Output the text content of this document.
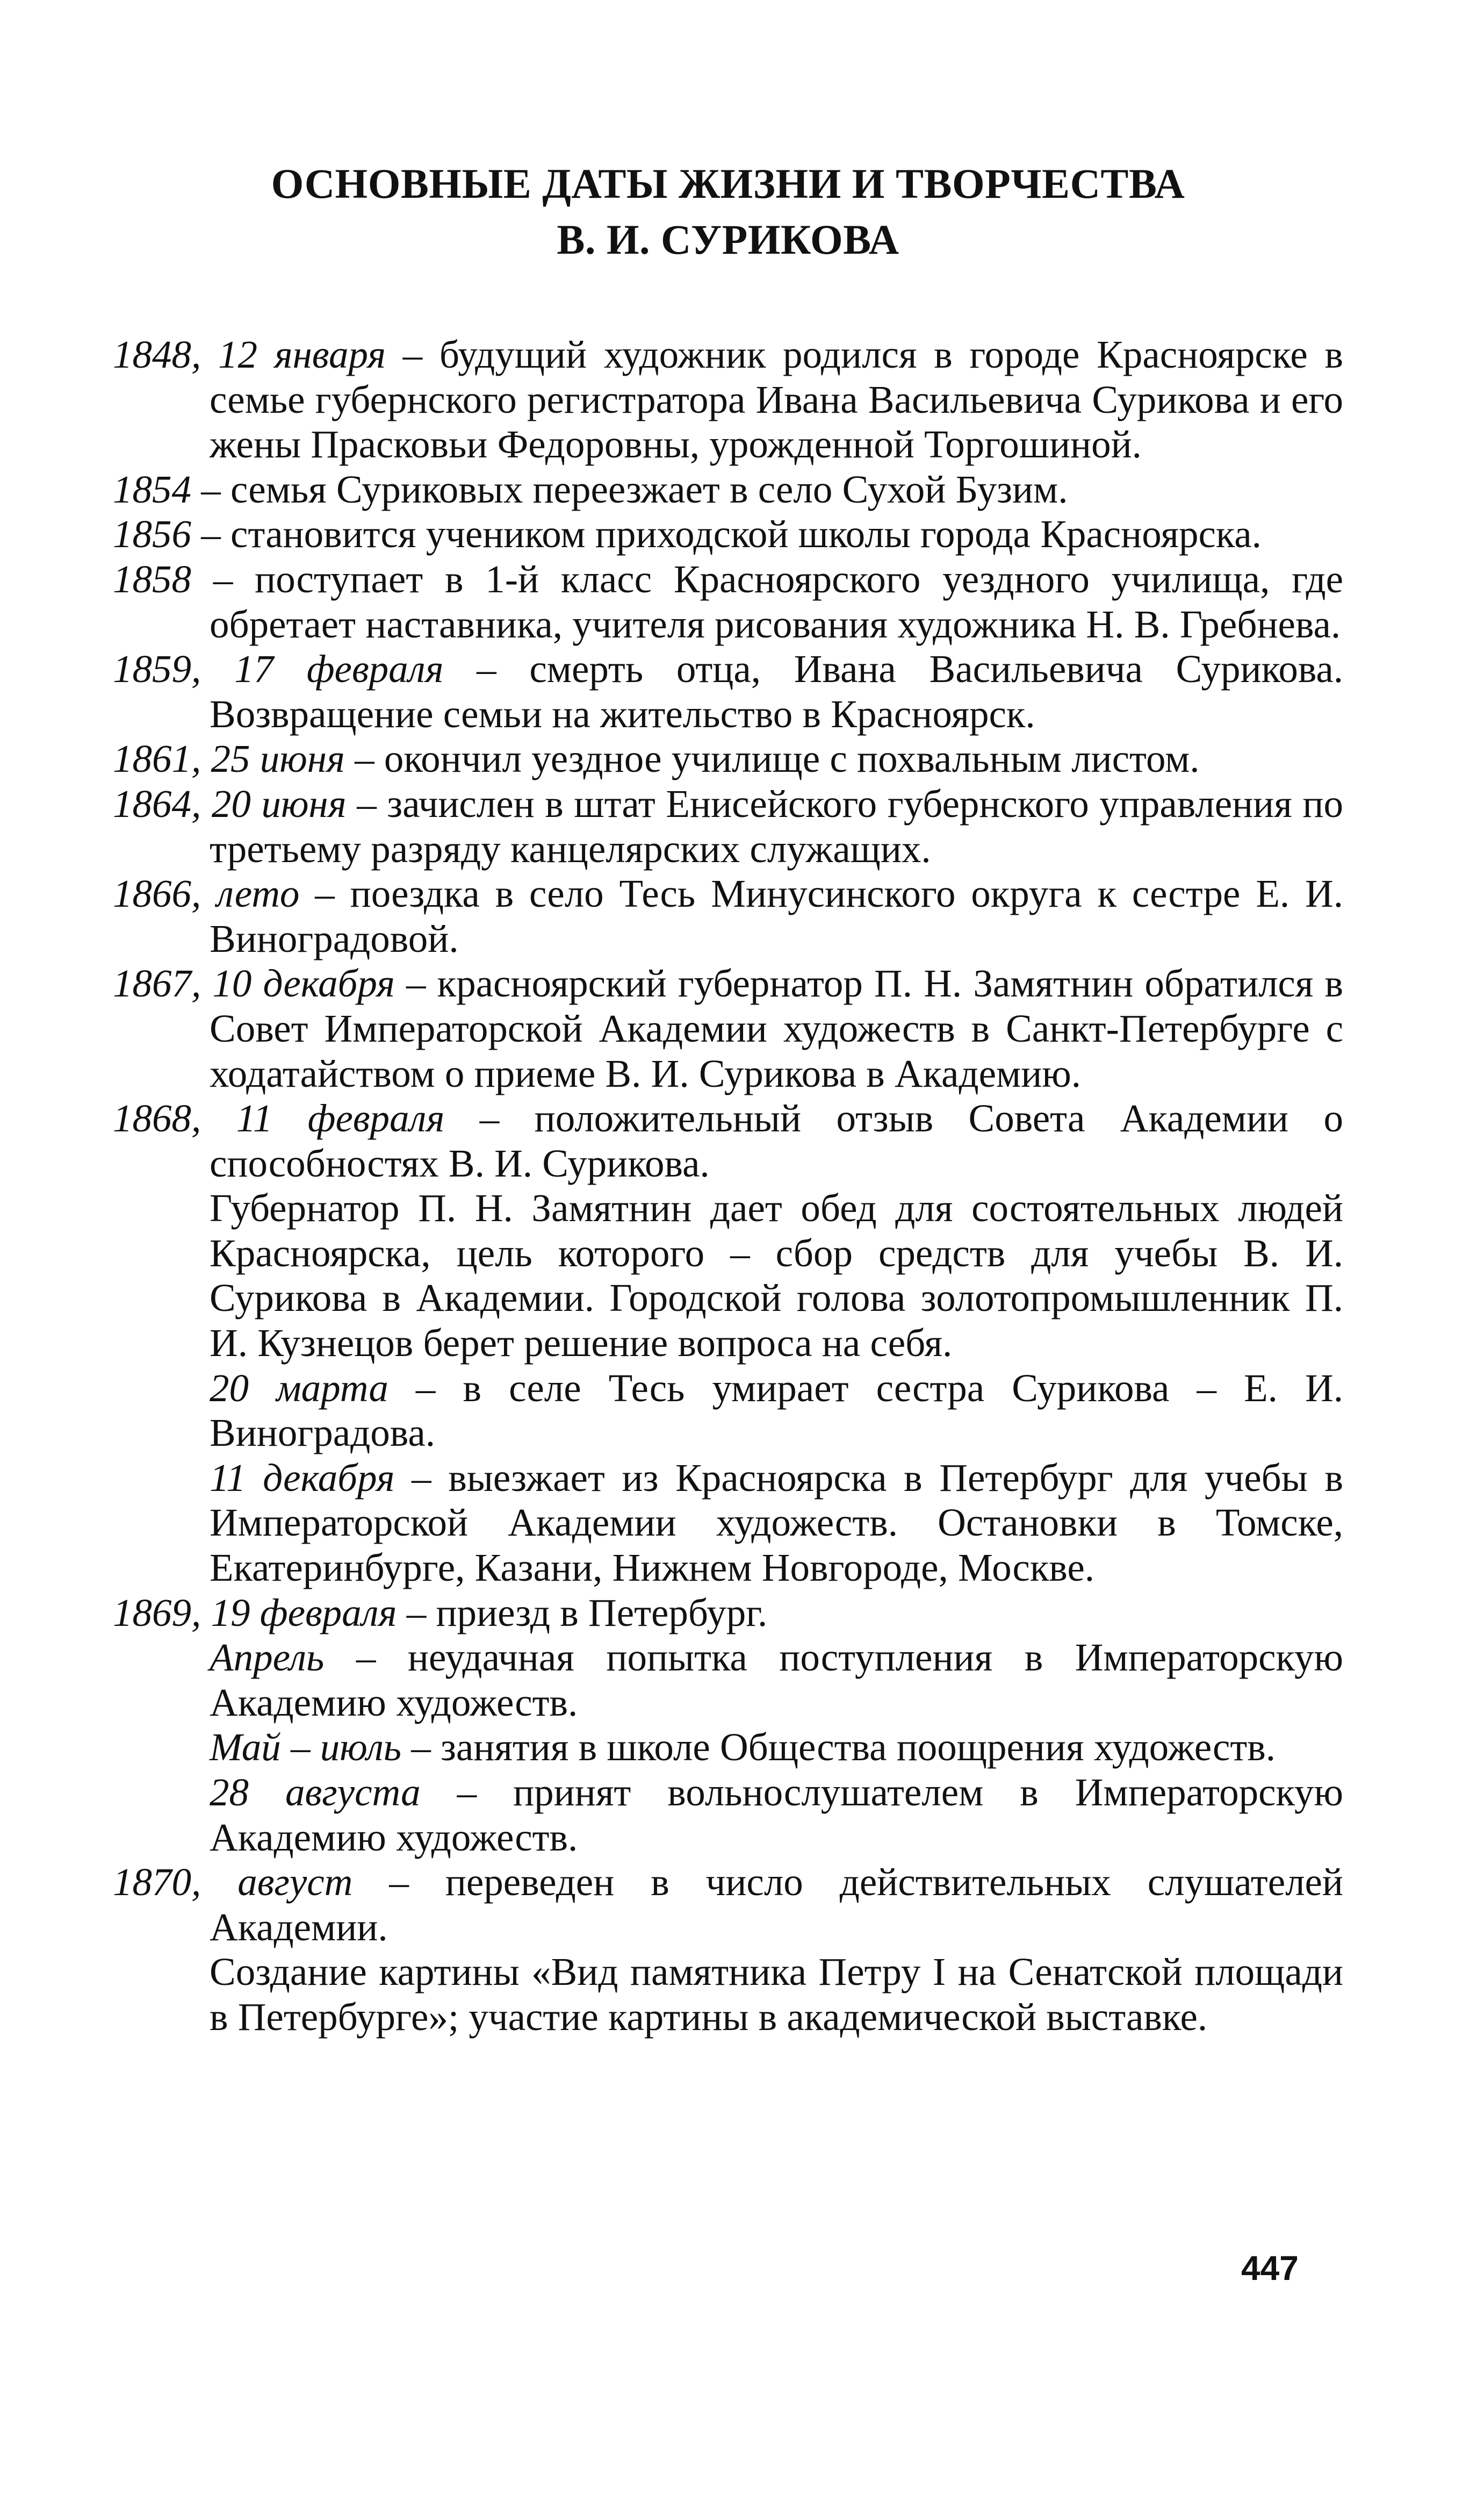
ОСНОВНЫЕ ДАТЫ ЖИЗНИ И ТВОРЧЕСТВА
В. И. СУРИКОВА

1848, 12 января – будущий художник родился в городе Красноярске в семье губернского регистратора Ивана Васильевича Сурикова и его жены Прасковьи Федоровны, урожденной Торгошиной.

1854 – семья Суриковых переезжает в село Сухой Бузим.

1856 – становится учеником приходской школы города Красноярска.

1858 – поступает в 1-й класс Красноярского уездного училища, где обретает наставника, учителя рисования художника Н. В. Гребнева.

1859, 17 февраля – смерть отца, Ивана Васильевича Сурикова. Возвращение семьи на жительство в Красноярск.

1861, 25 июня – окончил уездное училище с похвальным листом.

1864, 20 июня – зачислен в штат Енисейского губернского управления по третьему разряду канцелярских служащих.

1866, лето – поездка в село Тесь Минусинского округа к сестре Е. И. Виноградовой.

1867, 10 декабря – красноярский губернатор П. Н. Замятнин обратился в Совет Императорской Академии художеств в Санкт-Петербурге с ходатайством о приеме В. И. Сурикова в Академию.

1868, 11 февраля – положительный отзыв Совета Академии о способностях В. И. Сурикова.

Губернатор П. Н. Замятнин дает обед для состоятельных людей Красноярска, цель которого – сбор средств для учебы В. И. Сурикова в Академии. Городской голова золотопромышленник П. И. Кузнецов берет решение вопроса на себя.

20 марта – в селе Тесь умирает сестра Сурикова – Е. И. Виноградова.

11 декабря – выезжает из Красноярска в Петербург для учебы в Императорской Академии художеств. Остановки в Томске, Екатеринбурге, Казани, Нижнем Новгороде, Москве.

1869, 19 февраля – приезд в Петербург.

Апрель – неудачная попытка поступления в Императорскую Академию художеств.

Май – июль – занятия в школе Общества поощрения художеств.

28 августа – принят вольнослушателем в Императорскую Академию художеств.

1870, август – переведен в число действительных слушателей Академии.

Создание картины «Вид памятника Петру I на Сенатской площади в Петербурге»; участие картины в академической выставке.

447
